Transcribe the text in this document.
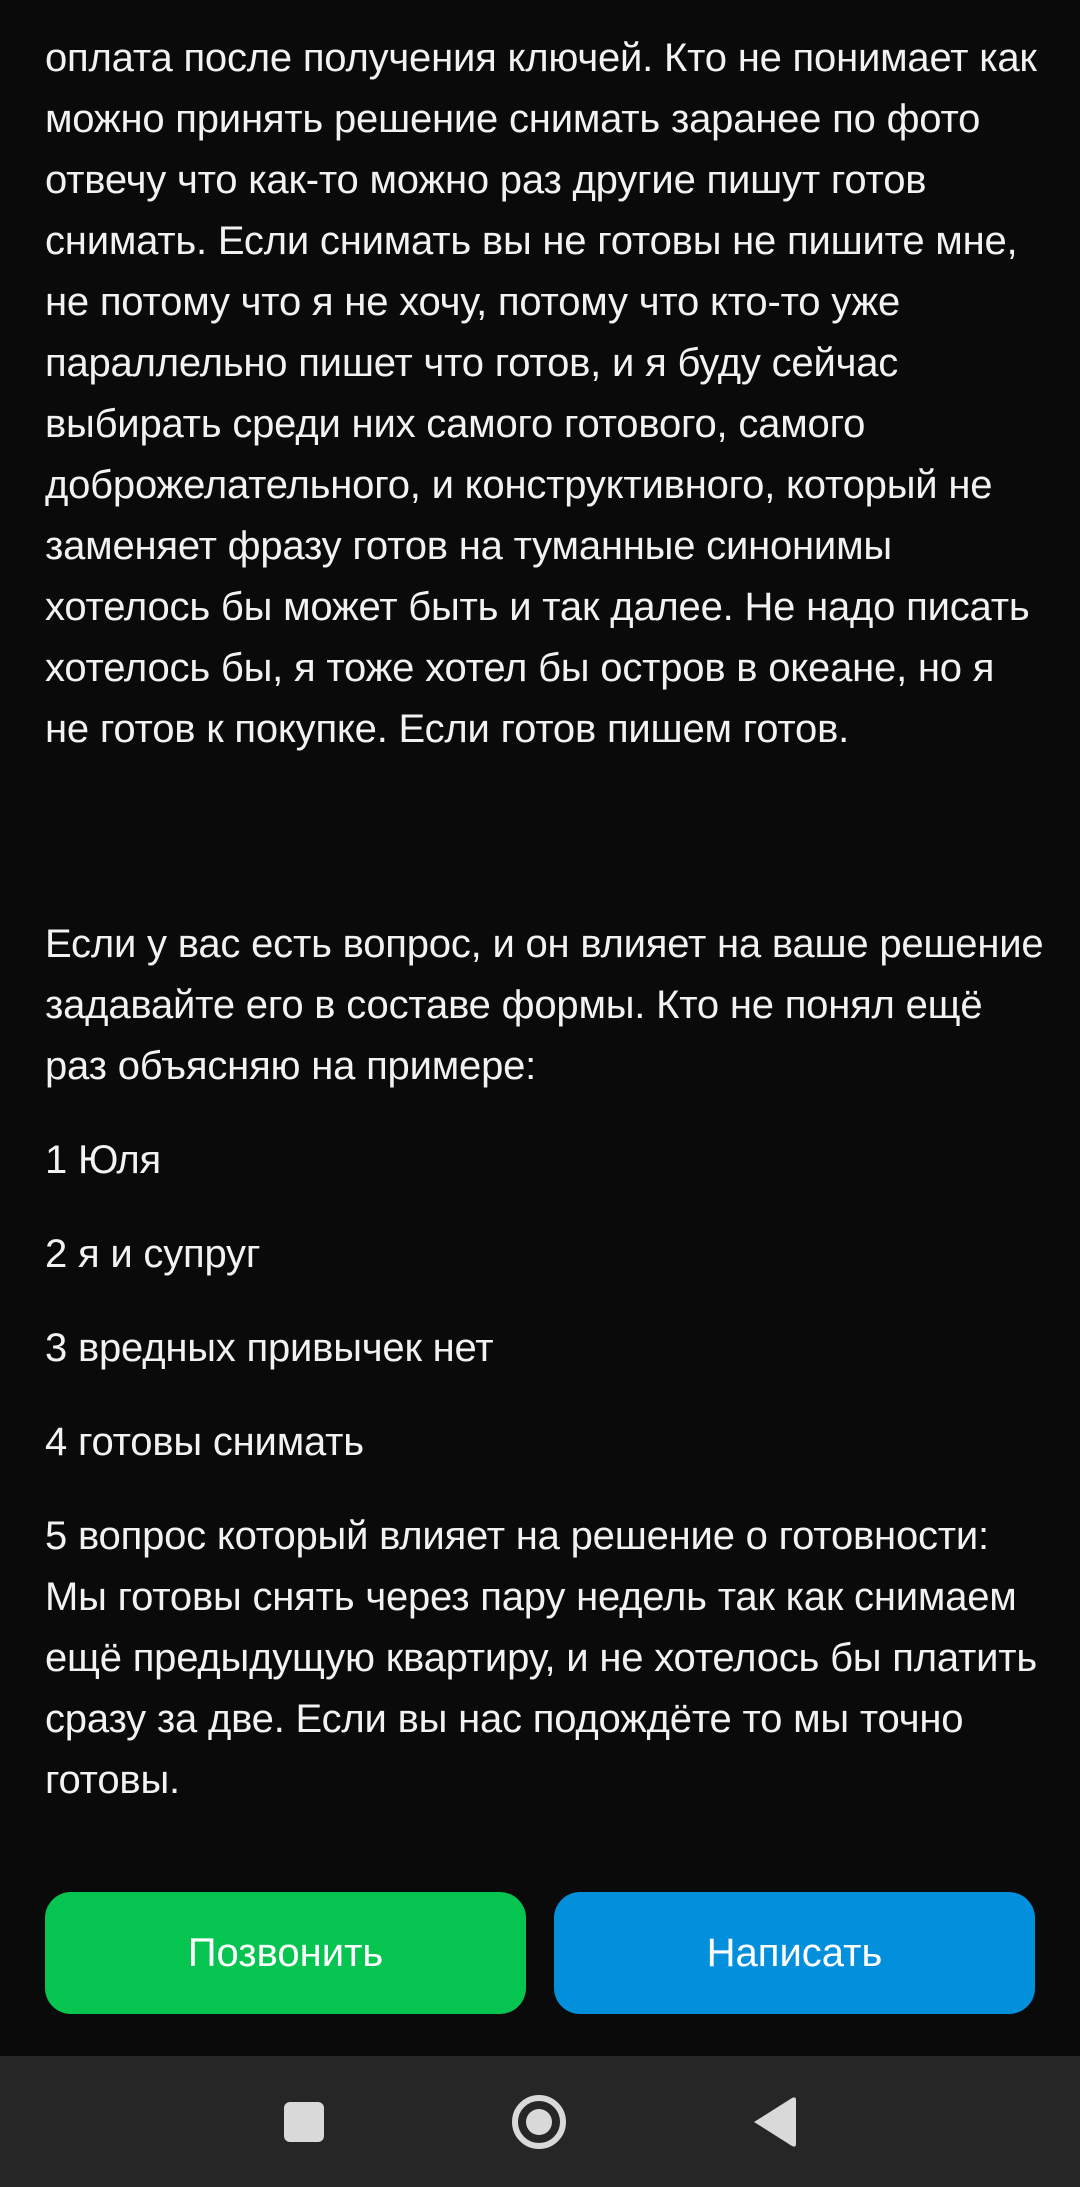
оплата после получения ключей. Кто не понимает как можно принять решение снимать заранее по фото отвечу что как-то можно раз другие пишут готов снимать. Если снимать вы не готовы не пишите мне, не потому что я не хочу, потому что кто-то уже параллельно пишет что готов, и я буду сейчас выбирать среди них самого готового, самого доброжелательного, и конструктивного, который не заменяет фразу готов на туманные синонимы хотелось бы может быть и так далее. Не надо писать хотелось бы, я тоже хотел бы остров в океане, но я не готов к покупке. Если готов пишем готов.

Если у вас есть вопрос, и он влияет на ваше решение задавайте его в составе формы. Кто не понял ещё раз объясняю на примере:

1 Юля

2 я и супруг

3 вредных привычек нет

4 готовы снимать

5 вопрос который влияет на решение о готовности: Мы готовы снять через пару недель так как снимаем ещё предыдущую квартиру, и не хотелось бы платить сразу за две. Если вы нас подождёте то мы точно готовы.

Позвонить	Написать
